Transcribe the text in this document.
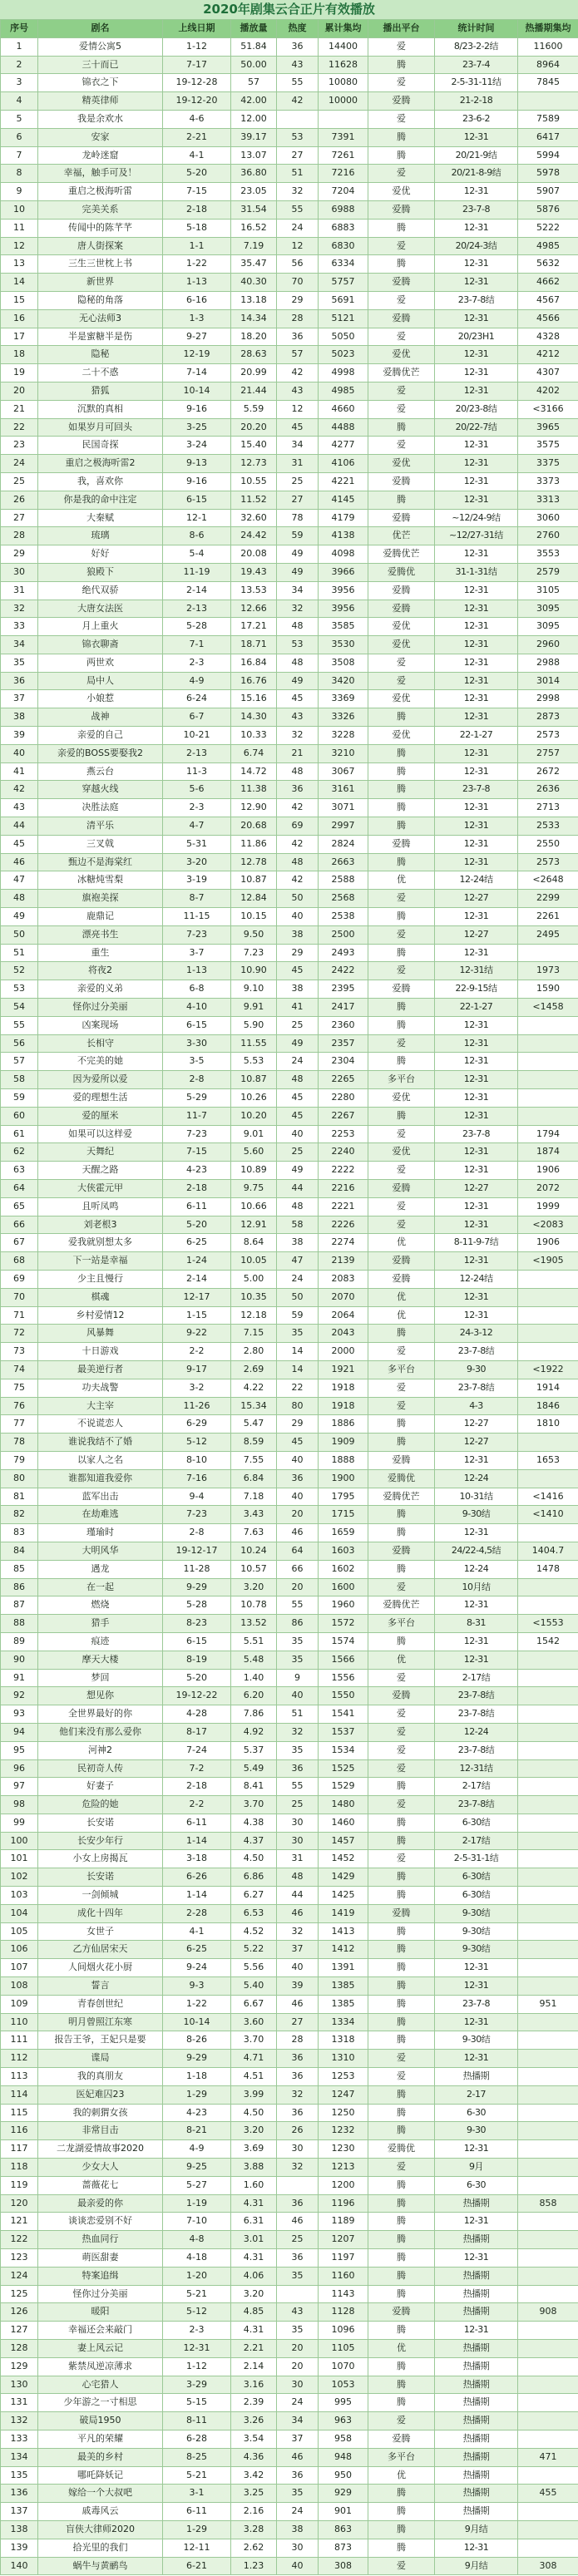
2020年剧集云合正片有效播放
序号	剧名	上线日期	播放量	热度	累计集均	播出平台	统计时间	热播期集均
1	爱情公寓5	1-12	51.84	36	14400	爱	8/23-2-2结	11600
2	三十而已	7-17	50.00	43	11628	腾	23-7-4	8964
3	锦衣之下	19-12-28	57	55	10080	爱	2-5-31-11结	7845
4	精英律师	19-12-20	42.00	42	10000	爱腾	21-2-18	
5	我是余欢水	4-6	12.00			爱	23-6-2	7589
6	安家	2-21	39.17	53	7391	腾	12-31	6417
7	龙岭迷窟	4-1	13.07	27	7261	腾	20/21-9结	5994
8	幸福，触手可及！	5-20	36.80	51	7216	爱	20/21-8-9结	5978
9	重启之极海听雷	7-15	23.05	32	7204	爱优	12-31	5907
10	完美关系	2-18	31.54	55	6988	爱腾	23-7-8	5876
11	传闻中的陈芊芊	5-18	16.52	24	6883	腾	12-31	5222
12	唐人街探案	1-1	7.19	12	6830	爱	20/24-3结	4985
13	三生三世枕上书	1-22	35.47	56	6334	腾	12-31	5632
14	新世界	1-13	40.30	70	5757	爱腾	12-31	4662
15	隐秘的角落	6-16	13.18	29	5691	爱	23-7-8结	4567
16	无心法师3	1-3	14.34	28	5121	爱腾	12-31	4566
17	半是蜜糖半是伤	9-27	18.20	36	5050	爱	20/23H1	4328
18	隐秘	12-19	28.63	57	5023	爱优	12-31	4212
19	二十不惑	7-14	20.99	42	4998	爱腾优芒	12-31	4307
20	猎狐	10-14	21.44	43	4985	爱	12-31	4202
21	沉默的真相	9-16	5.59	12	4660	爱	20/23-8结	<3166
22	如果岁月可回头	3-25	20.20	45	4488	腾	20/22-7结	3965
23	民国奇探	3-24	15.40	34	4277	爱	12-31	3575
24	重启之极海听雷2	9-13	12.73	31	4106	爱优	12-31	3375
25	我，喜欢你	9-16	10.55	25	4221	爱腾	12-31	3373
26	你是我的命中注定	6-15	11.52	27	4145	腾	12-31	3313
27	大秦赋	12-1	32.60	78	4179	爱腾	~12/24-9结	3060
28	琉璃	8-6	24.42	59	4138	优芒	~12/27-31结	2760
29	好好	5-4	20.08	49	4098	爱腾优芒	12-31	3553
30	狼殿下	11-19	19.43	49	3966	爱腾优	31-1-31结	2579
31	绝代双骄	2-14	13.53	34	3956	爱腾	12-31	3105
32	大唐女法医	2-13	12.66	32	3956	爱腾	12-31	3095
33	月上重火	5-28	17.21	48	3585	爱优	12-31	3095
34	锦衣聊斋	7-1	18.71	53	3530	爱优	12-31	2960
35	两世欢	2-3	16.84	48	3508	爱	12-31	2988
36	局中人	4-9	16.76	49	3420	爱	12-31	3014
37	小娘惹	6-24	15.16	45	3369	爱优	12-31	2998
38	战神	6-7	14.30	43	3326	腾	12-31	2873
39	亲爱的自己	10-21	10.33	32	3228	爱优	22-1-27	2573
40	亲爱的BOSS要娶我2	2-13	6.74	21	3210	腾	12-31	2757
41	燕云台	11-3	14.72	48	3067	腾	12-31	2672
42	穿越火线	5-6	11.38	36	3161	腾	23-7-8	2636
43	决胜法庭	2-3	12.90	42	3071	腾	12-31	2713
44	清平乐	4-7	20.68	69	2997	腾	12-31	2533
45	三叉戟	5-31	11.86	42	2824	爱腾	12-31	2550
46	甄边不是海棠红	3-20	12.78	48	2663	腾	12-31	2573
47	冰糖炖雪梨	3-19	10.87	42	2588	优	12-24结	<2648
48	旗袍美探	8-7	12.84	50	2568	爱	12-27	2299
49	鹿鼎记	11-15	10.15	40	2538	腾	12-31	2261
50	漂亮书生	7-23	9.50	38	2500	爱	12-27	2495
51	重生	3-7	7.23	29	2493	腾	12-31	
52	将夜2	1-13	10.90	45	2422	爱	12-31结	1973
53	亲爱的义弟	6-8	9.10	38	2395	爱腾	22-9-15结	1590
54	怪你过分美丽	4-10	9.91	41	2417	腾	22-1-27	<1458
55	凶案现场	6-15	5.90	25	2360	腾	12-31	
56	长相守	3-30	11.55	49	2357	爱	12-31	
57	不完美的她	3-5	5.53	24	2304	腾	12-31	
58	因为爱所以爱	2-8	10.87	48	2265	多平台	12-31	
59	爱的理想生活	5-29	10.26	45	2280	爱优	12-31	
60	爱的厘米	11-7	10.20	45	2267	腾	12-31	
61	如果可以这样爱	7-23	9.01	40	2253	爱	23-7-8	1794
62	天舞纪	7-15	5.60	25	2240	爱优	12-31	1874
63	天醒之路	4-23	10.89	49	2222	爱	12-31	1906
64	大侠霍元甲	2-18	9.75	44	2216	爱腾	12-27	2072
65	且听凤鸣	6-11	10.66	48	2221	爱	12-31	1999
66	刘老根3	5-20	12.91	58	2226	爱	12-31	<2083
67	爱我就别想太多	6-25	8.64	38	2274	优	8-11-9-7结	1906
68	下一站是幸福	1-24	10.05	47	2139	爱腾	12-31	<1905
69	少主且慢行	2-14	5.00	24	2083	爱腾	12-24结	
70	棋魂	12-17	10.35	50	2070	优	12-31	
71	乡村爱情12	1-15	12.18	59	2064	优	12-31	
72	风暴舞	9-22	7.15	35	2043	腾	24-3-12	
73	十日游戏	2-2	2.80	14	2000	爱	23-7-8结	
74	最美逆行者	9-17	2.69	14	1921	多平台	9-30	<1922
75	功夫战警	3-2	4.22	22	1918	爱	23-7-8结	1914
76	大主宰	11-26	15.34	80	1918	爱	4-3	1846
77	不说谎恋人	6-29	5.47	29	1886	腾	12-27	1810
78	谁说我结不了婚	5-12	8.59	45	1909	腾	12-27	
79	以家人之名	8-10	7.55	40	1888	爱腾	12-31	1653
80	谁都知道我爱你	7-16	6.84	36	1900	爱腾优	12-24	
81	蓝军出击	9-4	7.18	40	1795	爱腾优芒	10-31结	<1416
82	在劫难逃	7-23	3.43	20	1715	腾	9-30结	<1410
83	瑾瑜时	2-8	7.63	46	1659	腾	12-31	
84	大明风华	19-12-17	10.24	64	1603	爱腾	24/22-4,5结	1404.7
85	遇龙	11-28	10.57	66	1602	腾	12-24	1478
86	在一起	9-29	3.20	20	1600	爱	10月结	
87	燃烧	5-28	10.78	55	1960	爱腾优芒	12-31	
88	猎手	8-23	13.52	86	1572	多平台	8-31	<1553
89	痕迹	6-15	5.51	35	1574	腾	12-31	1542
90	摩天大楼	8-19	5.48	35	1566	优	12-31	
91	梦回	5-20	1.40	9	1556	爱	2-17结	
92	想见你	19-12-22	6.20	40	1550	爱腾	23-7-8结	
93	全世界最好的你	4-28	7.86	51	1541	爱	23-7-8结	
94	他们来没有那么爱你	8-17	4.92	32	1537	爱	12-24	
95	河神2	7-24	5.37	35	1534	爱	23-7-8结	
96	民初奇人传	7-2	5.49	36	1525	爱	12-31结	
97	好妻子	2-18	8.41	55	1529	腾	2-17结	
98	危险的她	2-2	3.70	25	1480	爱	23-7-8结	
99	长安诺	6-11	4.38	30	1460	腾	6-30结	
100	长安少年行	1-14	4.37	30	1457	腾	2-17结	
101	小女上房揭瓦	3-18	4.50	31	1452	爱	2-5-31-1结	
102	长安诺	6-26	6.86	48	1429	腾	6-30结	
103	一剑倾城	1-14	6.27	44	1425	腾	6-30结	
104	成化十四年	2-28	6.53	46	1419	爱腾	9-30结	
105	女世子	4-1	4.52	32	1413	腾	9-30结	
106	乙方仙居宋天	6-25	5.22	37	1412	腾	9-30结	
107	人间烟火花小厨	9-24	5.56	40	1391	腾	12-31	
108	誓言	9-3	5.40	39	1385	腾	12-31	
109	青春创世纪	1-22	6.67	46	1385	腾	23-7-8	951
110	明月曾照江东寒	10-14	3.60	27	1334	腾	12-31	
111	报告王爷，王妃只是要	8-26	3.70	28	1318	腾	9-30结	
112	谍局	9-29	4.71	36	1310	爱	12-31	
113	我的真朋友	1-18	4.51	36	1253	爱	热播期	
114	医妃难囚23	1-29	3.99	32	1247	腾	2-17	
115	我的刺猬女孩	4-23	4.50	36	1250	腾	6-30	
116	非常目击	8-21	3.20	26	1232	腾	9-30	
117	二龙湖爱情故事2020	4-9	3.69	30	1230	爱腾优	12-31	
118	少女大人	9-25	3.88	32	1213	爱	9月	
119	蔷薇花七	5-27	1.60		1200	腾	6-30	
120	最亲爱的你	1-19	4.31	36	1196	腾	热播期	858
121	谈谈恋爱别不好	7-10	6.31	46	1189	腾	12-31	
122	热血同行	4-8	3.01	25	1207	腾	热播期	
123	萌医甜妻	4-18	4.31	36	1197	腾	12-31	
124	特案追缉	1-20	4.06	35	1160	腾	热播期	
125	怪你过分美丽	5-21	3.20		1143	腾	热播期	
126	暖阳	5-12	4.85	43	1128	爱腾	热播期	908
127	幸福还会来敲门	2-3	4.31	35	1096	腾	12-31	
128	妻上风云记	12-31	2.21	20	1105	优	热播期	
129	紫禁凤逆凉薄求	1-12	2.14	20	1070	腾	热播期	
130	心宅猎人	3-29	3.16	30	1053	腾	热播期	
131	少年游之一寸相思	5-15	2.39	24	995	腾	热播期	
132	破局1950	8-11	3.26	34	963	爱	热播期	
133	平凡的荣耀	6-28	3.54	37	958	爱腾	热播期	
134	最美的乡村	8-25	4.36	46	948	多平台	热播期	471
135	哪吒降妖记	5-21	3.42	36	950	优	热播期	
136	嫁给一个大叔吧	3-1	3.25	35	929	腾	热播期	455
137	戚毒风云	6-11	2.16	24	901	腾	热播期	
138	盲侠大律师2020	1-29	3.28	38	863	腾	9月结	
139	拾光里的我们	12-11	2.62	30	873	腾	12-31	
140	蜗牛与黄鹂鸟	6-21	1.23	40	308	爱	9月结	308
